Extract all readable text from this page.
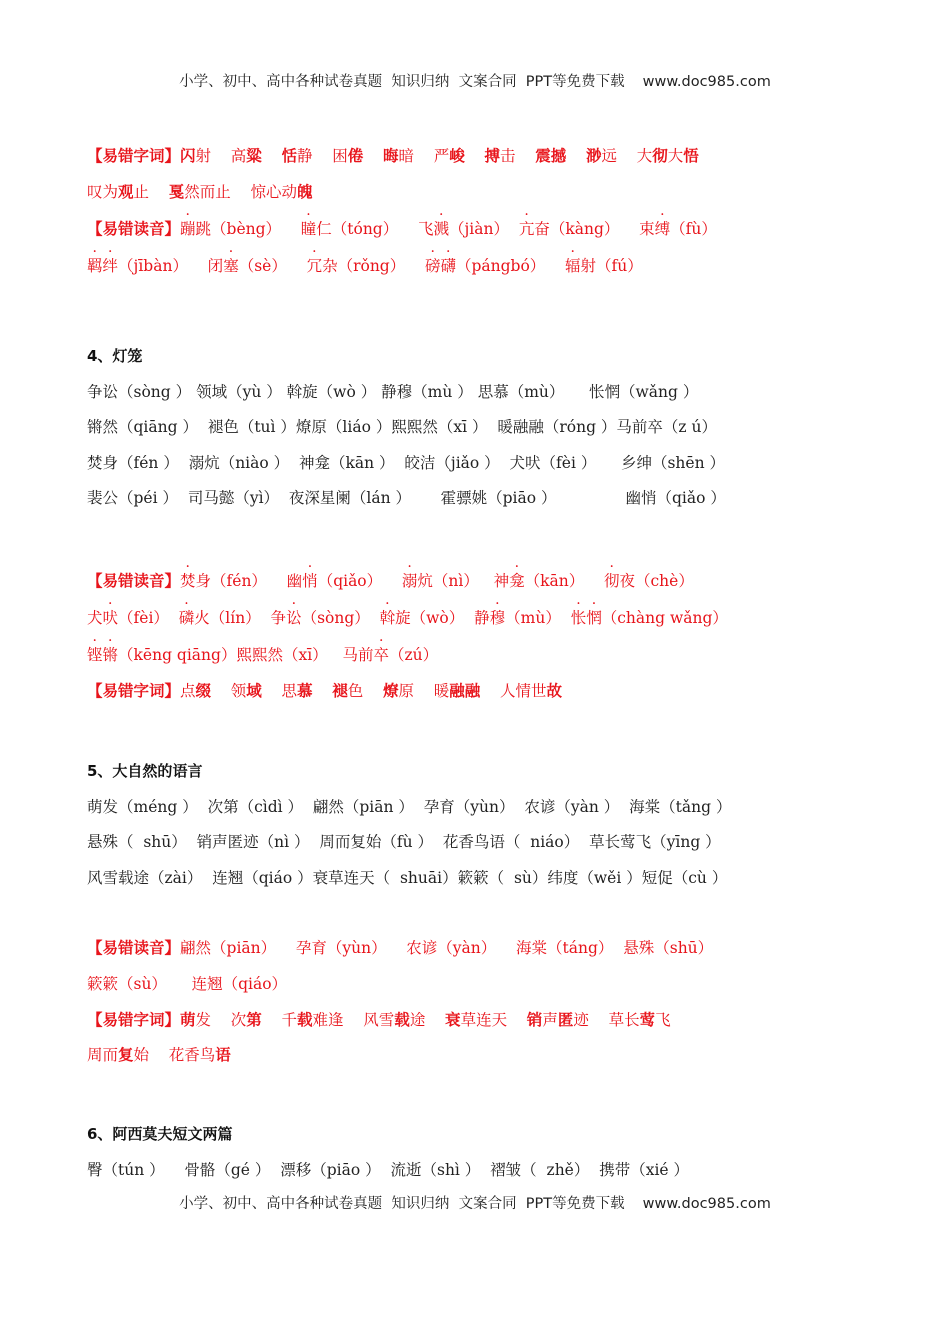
小学、初中、高中各种试卷真题  知识归纳  文案合同  PPT等免费下载 www.doc985.com
【易错字词】闪射 高粱 恬静 困倦 晦暗 严峻 搏击 震撼 渺远 大彻大悟
叹为观止 戛然而止 惊心动魄
【易错读音】蹦跳（bèng） 瞳仁（tóng） 飞溅（jiàn） 亢奋（kàng） 束缚（fù）
羁绊（jībàn） 闭塞（sè） 冗杂（rǒng） 磅礴（pángbó） 辐射（fú）
4、灯笼
争讼（sòng ） 领域（yù ） 斡旋（wò ） 静穆（mù ） 思慕（mù） 怅惘（wǎng ）
锵然（qiāng ） 褪色（tuì ）燎原（liáo ）熙熙然（xī ） 暖融融（róng ）马前卒（z ú）
焚身（fén ） 溺炕（niào ） 神龛（kān ） 皎洁（jiǎo ） 犬吠（fèi ） 乡绅（shēn ）
裴公（péi ） 司马懿（yì） 夜深星阑（lán ） 霍骠姚（piāo ）	幽悄（qiǎo ）
【易错读音】焚身（fén） 幽悄（qiǎo） 溺炕（nì） 神龛（kān） 彻夜（chè）
犬吠（fèi） 磷火（lín） 争讼（sòng） 斡旋（wò） 静穆（mù） 怅惘（chàng wǎng）
铿锵（kēng qiāng）熙熙然（xī） 马前卒（zú）
【易错字词】点缀 领域 思慕 褪色 燎原 暖融融 人情世故
5、大自然的语言
萌发（méng ） 次第（cìdì ） 翩然（piān ） 孕育（yùn） 农谚（yàn ） 海棠（tǎng ）
悬殊（  shū） 销声匿迹（nì ） 周而复始（fù ） 花香鸟语（  niáo） 草长莺飞（yīng ）
风雪载途（zài） 连翘（qiáo ）衰草连天（  shuāi）簌簌（  sù）纬度（wěi ）短促（cù ）
【易错读音】翩然（piān） 孕育（yùn） 农谚（yàn） 海棠（táng） 悬殊（shū）
簌簌（sù） 连翘（qiáo）
【易错字词】萌发 次第 千载难逢 风雪载途 衰草连天 销声匿迹 草长莺飞
周而复始 花香鸟语
6、阿西莫夫短文两篇
臀（tún ） 骨骼（gé ） 漂移（piāo ） 流逝（shì ） 褶皱（  zhě） 携带（xié ）
小学、初中、高中各种试卷真题  知识归纳  文案合同  PPT等免费下载 www.doc985.com
